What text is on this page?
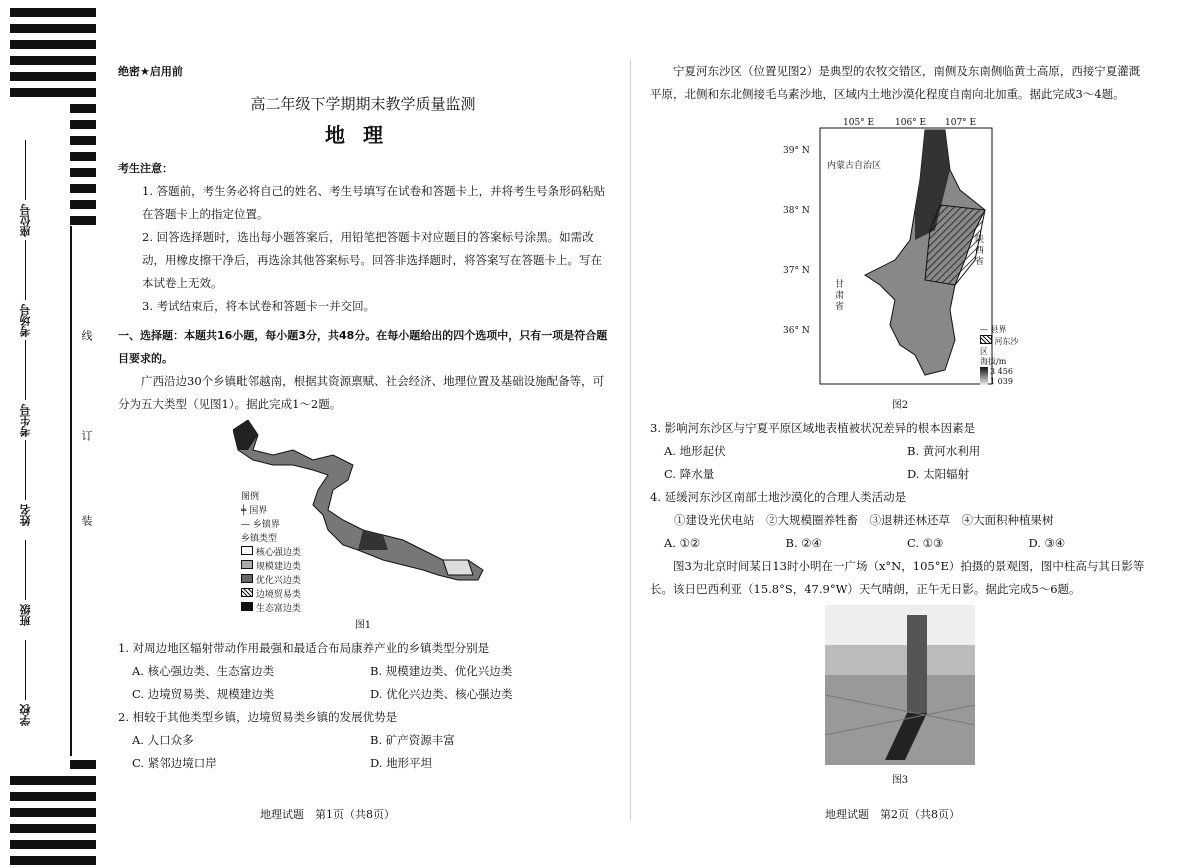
学校
班级
姓名
考生号
考场号
座位号
装
订
线

绝密★启用前

高二年级下学期期末教学质量监测

地理

考生注意：

1. 答题前，考生务必将自己的姓名、考生号填写在试卷和答题卡上，并将考生号条形码粘贴在答题卡上的指定位置。

2. 回答选择题时，选出每小题答案后，用铅笔把答题卡对应题目的答案标号涂黑。如需改动，用橡皮擦干净后，再选涂其他答案标号。回答非选择题时，将答案写在答题卡上。写在本试卷上无效。

3. 考试结束后，将本试卷和答题卡一并交回。

一、选择题：本题共16小题，每小题3分，共48分。在每小题给出的四个选项中，只有一项是符合题目要求的。

广西沿边30个乡镇毗邻越南，根据其资源禀赋、社会经济、地理位置及基础设施配备等，可分为五大类型（见图1）。据此完成1～2题。

图例
╪ 国界
— 乡镇界
乡镇类型
核心强边类
规模建边类
优化兴边类
边境贸易类
生态富边类

图1

1. 对周边地区辐射带动作用最强和最适合布局康养产业的乡镇类型分别是

A. 核心强边类、生态富边类	B. 规模建边类、优化兴边类
C. 边境贸易类、规模建边类	D. 优化兴边类、核心强边类

2. 相较于其他类型乡镇，边境贸易类乡镇的发展优势是

A. 人口众多	B. 矿产资源丰富
C. 紧邻边境口岸	D. 地形平坦
地理试题　第1页（共8页）

宁夏河东沙区（位置见图2）是典型的农牧交错区，南侧及东南侧临黄土高原，西接宁夏灌溉平原，北侧和东北侧接毛乌素沙地，区域内土地沙漠化程度自南向北加重。据此完成3～4题。

105° E 106° E 107° E
39° N
38° N
37° N
36° N
内蒙古自治区
甘肃省
陕西省
— 县界
河东沙区
海拔/m
3 456
1 039

图2

3. 影响河东沙区与宁夏平原区域地表植被状况差异的根本因素是

A. 地形起伏	B. 黄河水利用
C. 降水量	D. 太阳辐射

4. 延缓河东沙区南部土地沙漠化的合理人类活动是

①建设光伏电站　②大规模圈养牲畜　③退耕还林还草　④大面积种植果树

A. ①②	B. ②④	C. ①③	D. ③④

图3为北京时间某日13时小明在一广场（x°N，105°E）拍摄的景观图，图中柱高与其日影等长。该日巴西利亚（15.8°S，47.9°W）天气晴朗，正午无日影。据此完成5～6题。

图3

地理试题　第2页（共8页）
